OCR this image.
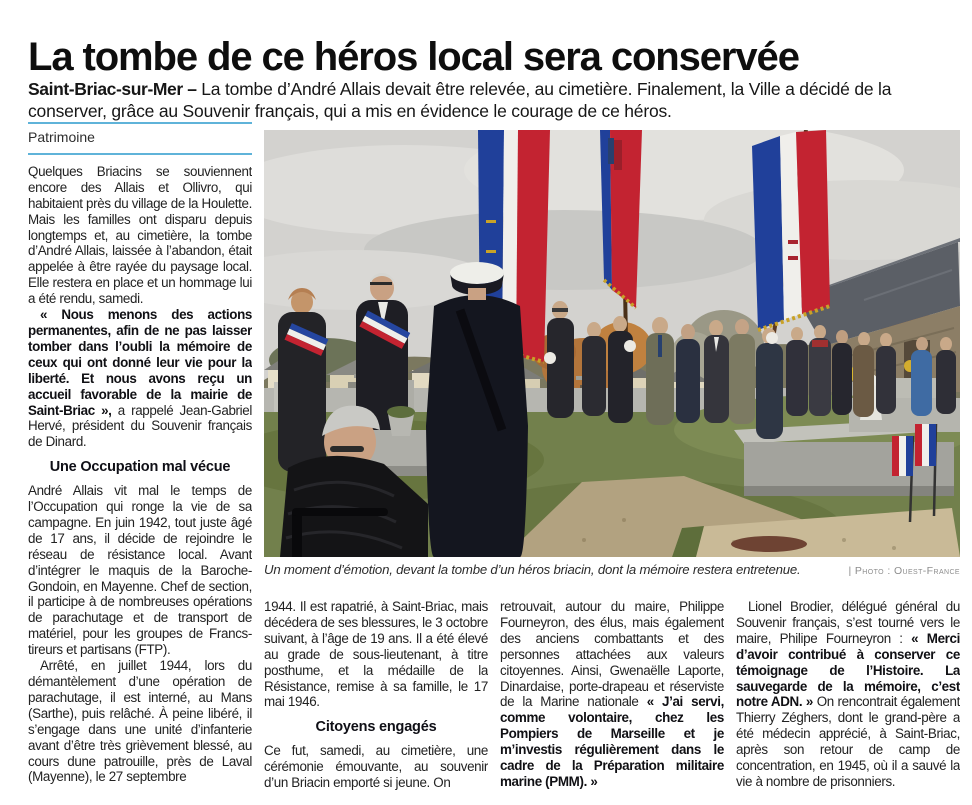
La tombe de ce héros local sera conservée

Saint-Briac-sur-Mer – La tombe d’André Allais devait être relevée, au cimetière. Finalement, la Ville a décidé de la conserver, grâce au Souvenir français, qui a mis en évidence le courage de ce héros.

Patrimoine

Quelques Briacins se souviennent encore des Allais et Ollivro, qui habitaient près du village de la Houlette. Mais les familles ont disparu depuis longtemps et, au cimetière, la tombe d’André Allais, laissée à l’abandon, était appelée à être rayée du paysage local. Elle restera en place et un hommage lui a été rendu, samedi.

« Nous menons des actions permanentes, afin de ne pas laisser tomber dans l’oubli la mémoire de ceux qui ont donné leur vie pour la liberté. Et nous avons reçu un accueil favorable de la mairie de Saint-Briac », a rappelé Jean-Gabriel Hervé, président du Souvenir français de Dinard.

Une Occupation mal vécue

André Allais vit mal le temps de l’Occupation qui ronge la vie de sa campagne. En juin 1942, tout juste âgé de 17 ans, il décide de rejoindre le réseau de résistance local. Avant d’intégrer le maquis de la Baroche-Gondoin, en Mayenne. Chef de section, il participe à de nombreuses opérations de parachutage et de transport de matériel, pour les groupes de Francs-tireurs et partisans (FTP).

Arrêté, en juillet 1944, lors du démantèlement d’une opération de parachutage, il est interné, au Mans (Sarthe), puis relâché. À peine libéré, il s’engage dans une unité d’infanterie avant d’être très grièvement blessé, au cours dune patrouille, près de Laval (Mayenne), le 27 septembre

Un moment d’émotion, devant la tombe d’un héros briacin, dont la mémoire restera entretenue.	| Photo : Ouest-France

1944. Il est rapatrié, à Saint-Briac, mais décédera de ses blessures, le 3 octobre suivant, à l’âge de 19 ans. Il a été élevé au grade de sous-lieutenant, à titre posthume, et la médaille de la Résistance, remise à sa famille, le 17 mai 1946.

Citoyens engagés

Ce fut, samedi, au cimetière, une cérémonie émouvante, au souvenir d’un Briacin emporté si jeune. On

retrouvait, autour du maire, Philippe Fourneyron, des élus, mais également des anciens combattants et des personnes attachées aux valeurs citoyennes. Ainsi, Gwenaëlle Laporte, Dinardaise, porte-drapeau et réserviste de la Marine nationale « J’ai servi, comme volontaire, chez les Pompiers de Marseille et je m’investis régulièrement dans le cadre de la Préparation militaire marine (PMM). »

Lionel Brodier, délégué général du Souvenir français, s’est tourné vers le maire, Philipe Fourneyron : « Merci d’avoir contribué à conserver ce témoignage de l’Histoire. La sauvegarde de la mémoire, c’est notre ADN. » On rencontrait également Thierry Zéghers, dont le grand-père a été médecin apprécié, à Saint-Briac, après son retour de camp de concentration, en 1945, où il a sauvé la vie à nombre de prisonniers.
